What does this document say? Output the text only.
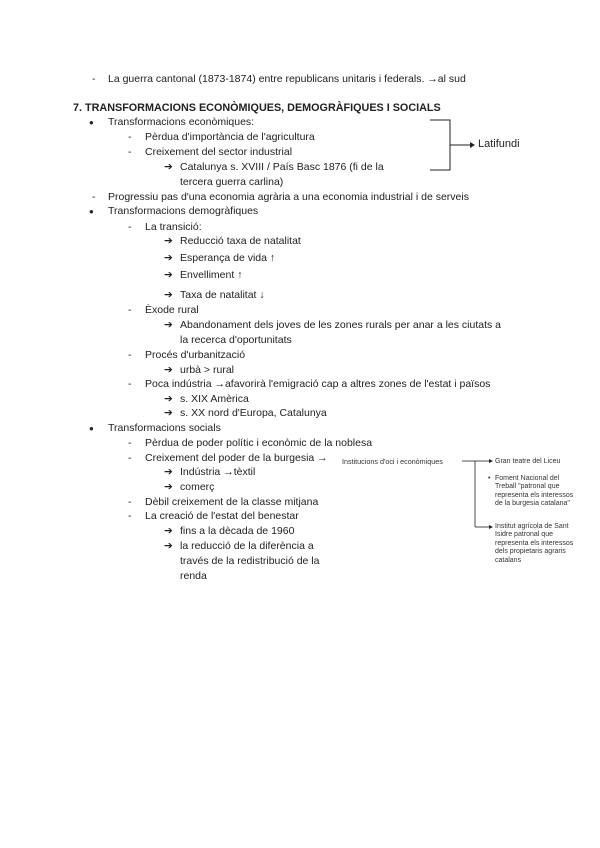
- La guerra cantonal (1873-1874) entre republicans unitaris i federals. →al sud
7. TRANSFORMACIONS ECONÒMIQUES, DEMOGRÀFIQUES I SOCIALS
● Transformacions econòmiques:
- Pèrdua d'importància de l'agricultura
- Creixement del sector industrial
➔ Catalunya s. XVIII / País Basc 1876 (fi de la
tercera guerra carlina)
Latifundi
- Progressiu pas d'una economia agrària a una economia industrial i de serveis
● Transformacions demogràfiques
- La transició:
➔ Reducció taxa de natalitat
➔ Esperança de vida ↑
➔ Envelliment ↑
➔ Taxa de natalitat ↓
- Èxode rural
➔ Abandonament dels joves de les zones rurals per anar a les ciutats a
la recerca d'oportunitats
- Procés d'urbanització
➔ urbà > rural
- Poca indústria →afavorirà l'emigració cap a altres zones de l'estat i països
➔ s. XIX Amèrica
➔ s. XX nord d'Europa, Catalunya
● Transformacions socials
- Pèrdua de poder polític i econòmic de la noblesa
- Creixement del poder de la burgesia →
➔ Indústria →tèxtil
➔ comerç
- Dèbil creixement de la classe mitjana
- La creació de l'estat del benestar
➔ fins a la dècada de 1960
➔ la reducció de la diferència a
través de la redistribució de la
renda
Institucions d'oci i econòmiques	Gran teatre del Liceu
• Foment Nacional del
Treball "patronal que
representa els interessos
de la burgesia catalana"
Institut agrícola de Sant
Isidre patronal que
representa els interessos
dels propietaris agraris
catalans
